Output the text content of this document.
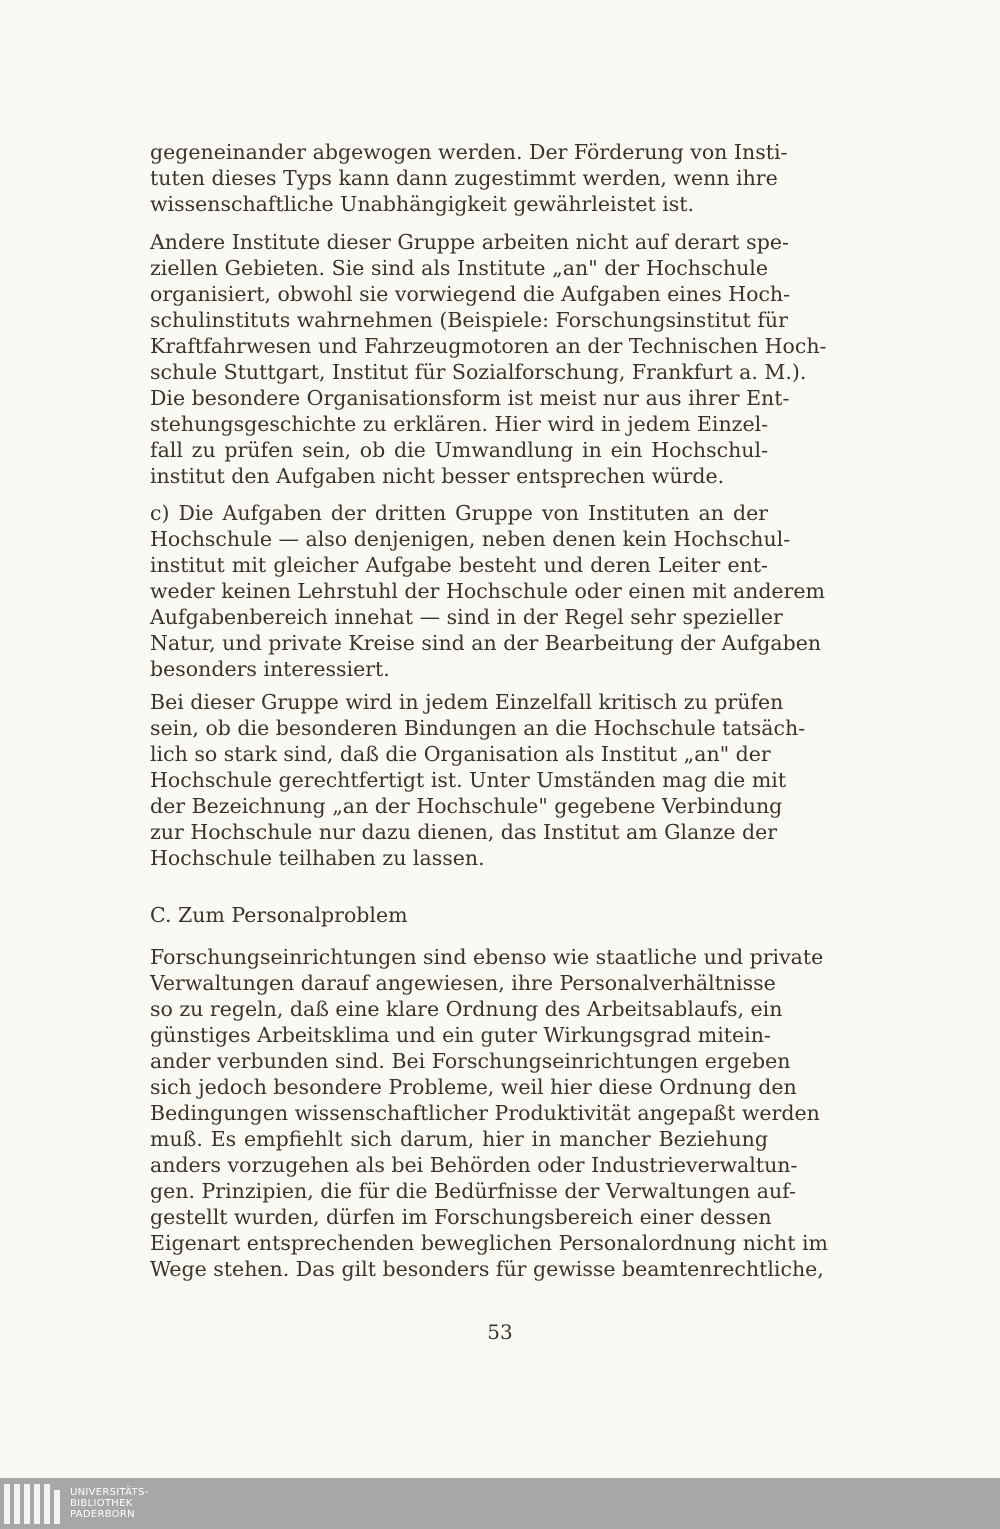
gegeneinander abgewogen werden. Der Förderung von Insti-
tuten dieses Typs kann dann zugestimmt werden, wenn ihre
wissenschaftliche Unabhängigkeit gewährleistet ist.
Andere Institute dieser Gruppe arbeiten nicht auf derart spe-
ziellen Gebieten. Sie sind als Institute „an" der Hochschule
organisiert, obwohl sie vorwiegend die Aufgaben eines Hoch-
schulinstituts wahrnehmen (Beispiele: Forschungsinstitut für
Kraftfahrwesen und Fahrzeugmotoren an der Technischen Hoch-
schule Stuttgart, Institut für Sozialforschung, Frankfurt a. M.).
Die besondere Organisationsform ist meist nur aus ihrer Ent-
stehungsgeschichte zu erklären. Hier wird in jedem Einzel-
fall zu prüfen sein, ob die Umwandlung in ein Hochschul-
institut den Aufgaben nicht besser entsprechen würde.
c) Die Aufgaben der dritten Gruppe von Instituten an der
Hochschule — also denjenigen, neben denen kein Hochschul-
institut mit gleicher Aufgabe besteht und deren Leiter ent-
weder keinen Lehrstuhl der Hochschule oder einen mit anderem
Aufgabenbereich innehat — sind in der Regel sehr spezieller
Natur, und private Kreise sind an der Bearbeitung der Aufgaben
besonders interessiert.
Bei dieser Gruppe wird in jedem Einzelfall kritisch zu prüfen
sein, ob die besonderen Bindungen an die Hochschule tatsäch-
lich so stark sind, daß die Organisation als Institut „an" der
Hochschule gerechtfertigt ist. Unter Umständen mag die mit
der Bezeichnung „an der Hochschule" gegebene Verbindung
zur Hochschule nur dazu dienen, das Institut am Glanze der
Hochschule teilhaben zu lassen.
C. Zum Personalproblem
Forschungseinrichtungen sind ebenso wie staatliche und private
Verwaltungen darauf angewiesen, ihre Personalverhältnisse
so zu regeln, daß eine klare Ordnung des Arbeitsablaufs, ein
günstiges Arbeitsklima und ein guter Wirkungsgrad mitein-
ander verbunden sind. Bei Forschungseinrichtungen ergeben
sich jedoch besondere Probleme, weil hier diese Ordnung den
Bedingungen wissenschaftlicher Produktivität angepaßt werden
muß. Es empfiehlt sich darum, hier in mancher Beziehung
anders vorzugehen als bei Behörden oder Industrieverwaltun-
gen. Prinzipien, die für die Bedürfnisse der Verwaltungen auf-
gestellt wurden, dürfen im Forschungsbereich einer dessen
Eigenart entsprechenden beweglichen Personalordnung nicht im
Wege stehen. Das gilt besonders für gewisse beamtenrechtliche,
53
UNIVERSITÄTS-
BIBLIOTHEK
PADERBORN
